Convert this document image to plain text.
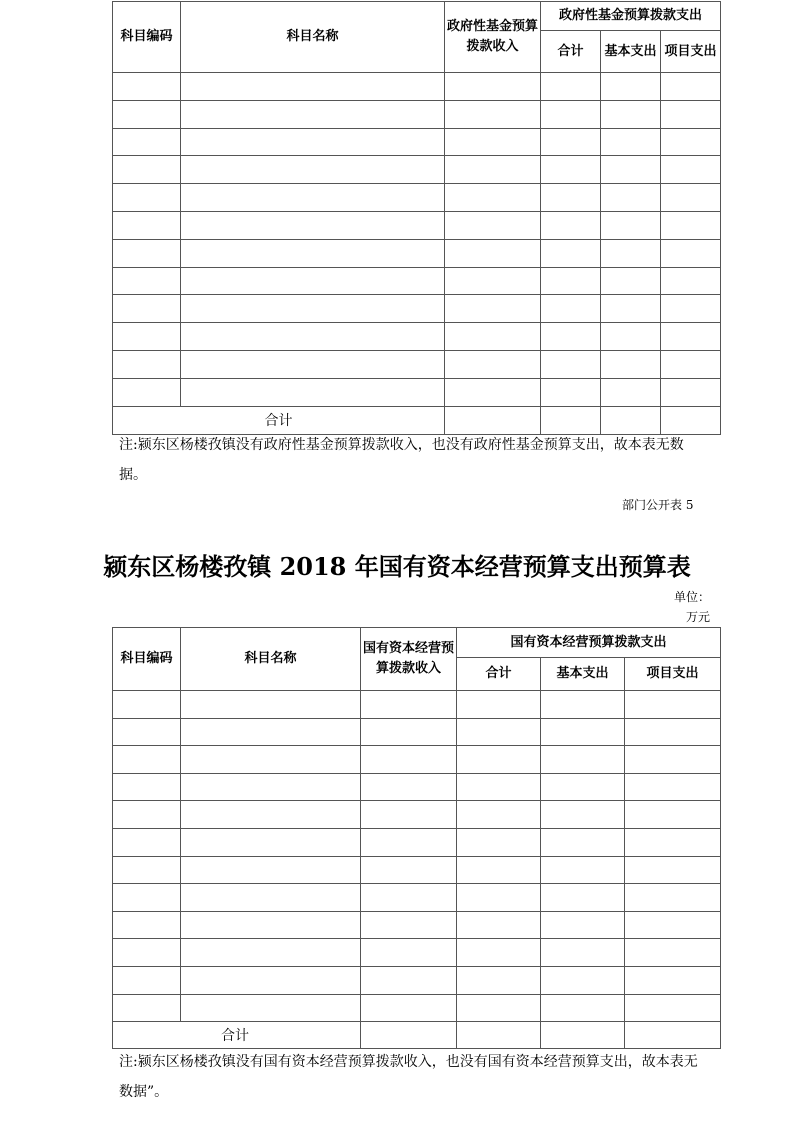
科目编码	科目名称	政府性基金预算拨款收入	政府性基金预算拨款支出		
			合计	基本支出	项目支出

合计					
注:颍东区杨楼孜镇没有政府性基金预算拨款收入，也没有政府性基金预算支出，故本表无数据。
部门公开表 5
颍东区杨楼孜镇 2018 年国有资本经营预算支出预算表
单位：
万元
科目编码	科目名称	国有资本经营预算拨款收入	国有资本经营预算拨款支出		
			合计	基本支出	项目支出

合计					
注:颍东区杨楼孜镇没有国有资本经营预算拨款收入，也没有国有资本经营预算支出，故本表无数据”。
